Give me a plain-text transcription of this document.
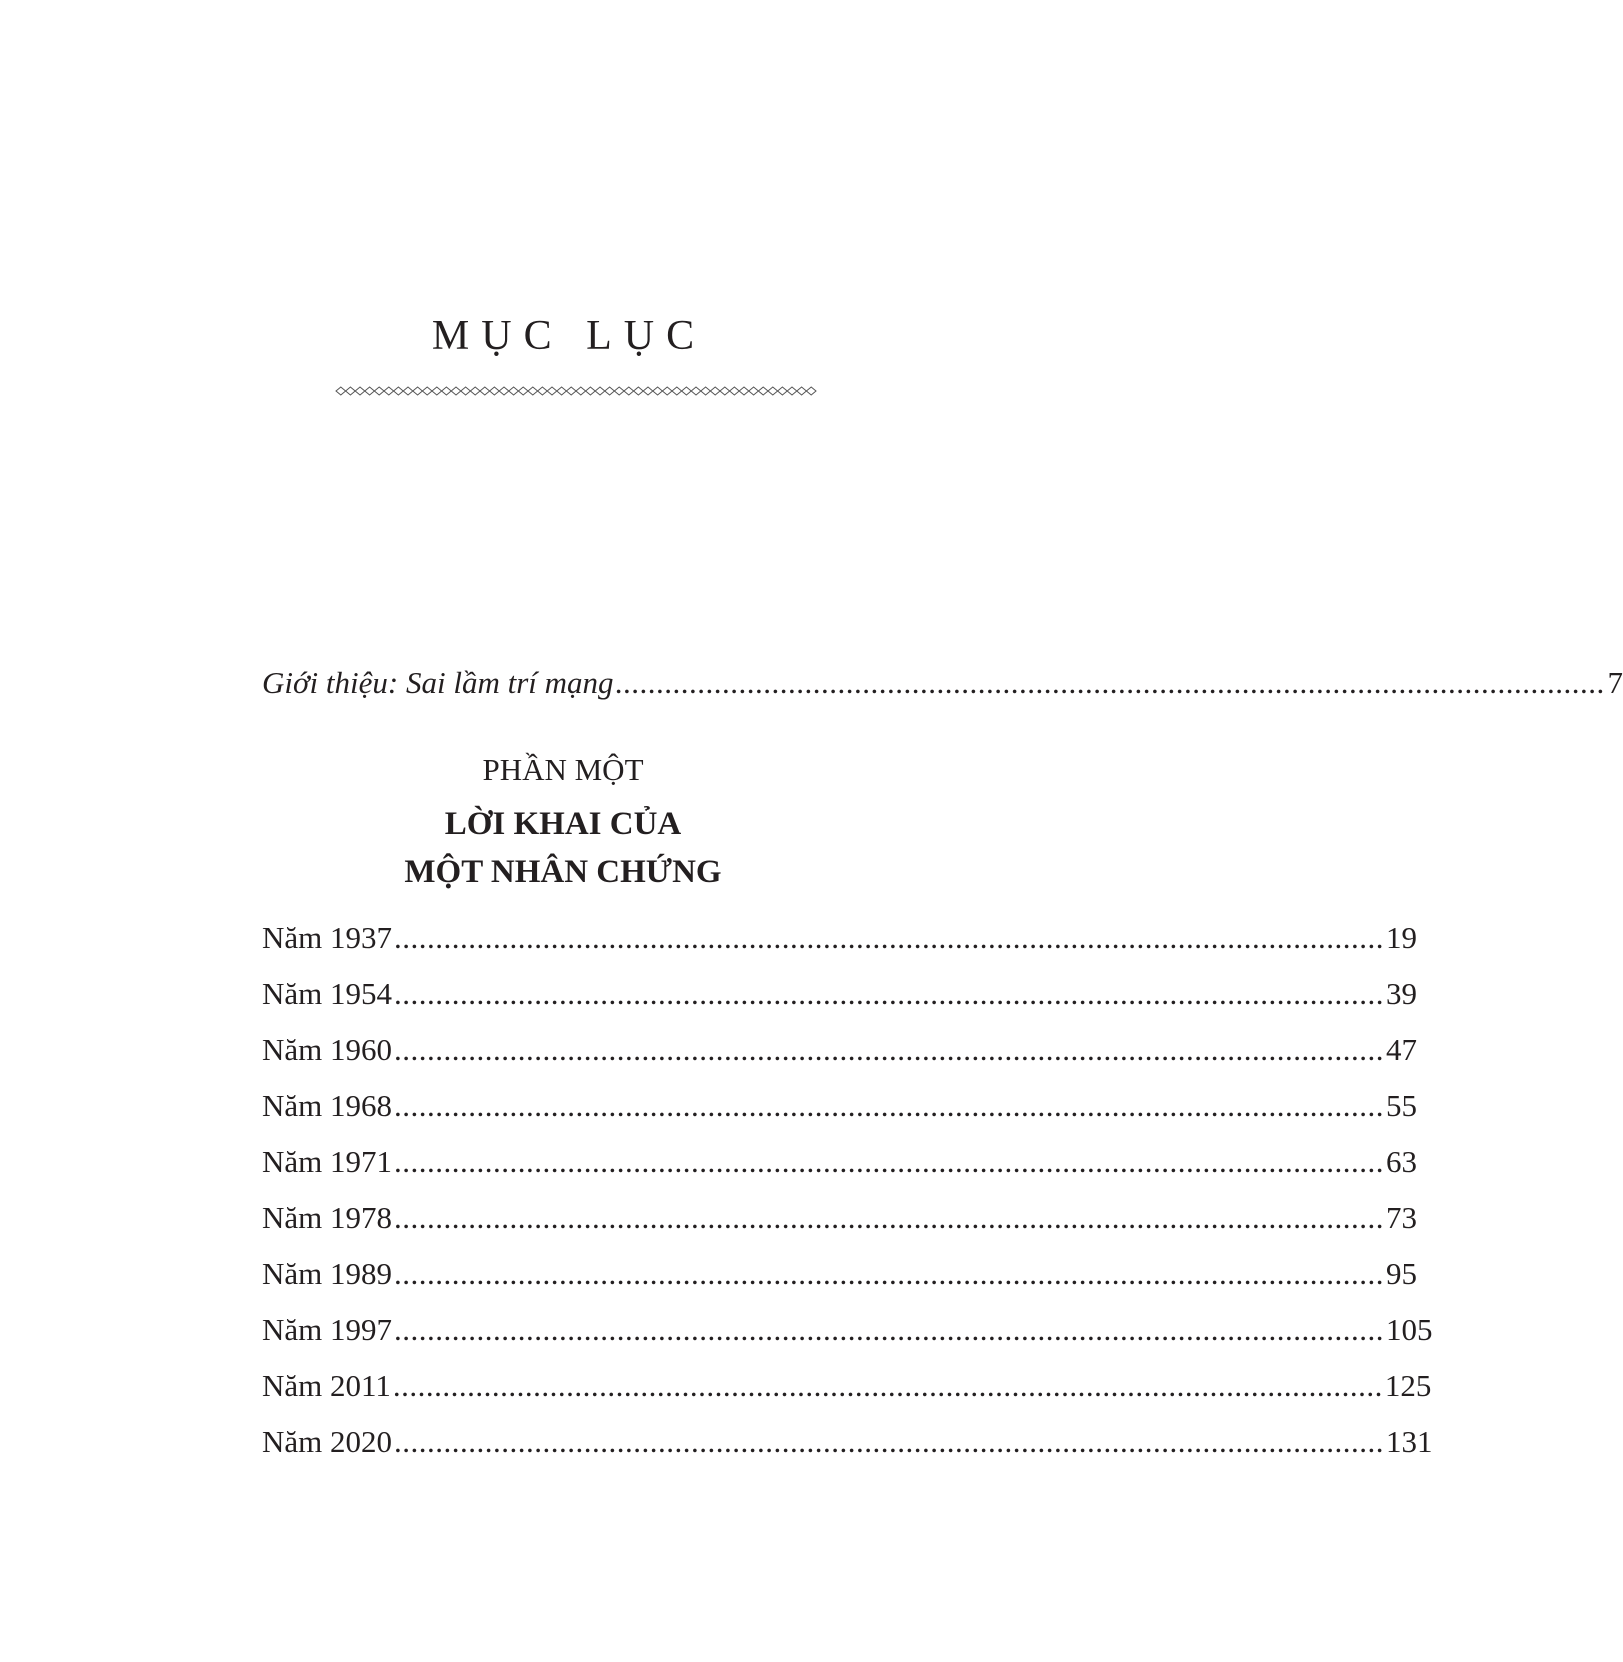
MỤC LỤC
Giới thiệu: Sai lầm trí mạng ........................................................................................................................ 7
PHẦN MỘT
LỜI KHAI CỦA
MỘT NHÂN CHỨNG
Năm 1937 ........................................................................................................................ 19
Năm 1954 ........................................................................................................................ 39
Năm 1960 ........................................................................................................................ 47
Năm 1968 ........................................................................................................................ 55
Năm 1971 ........................................................................................................................ 63
Năm 1978 ........................................................................................................................ 73
Năm 1989 ........................................................................................................................ 95
Năm 1997 ........................................................................................................................ 105
Năm 2011 ........................................................................................................................ 125
Năm 2020 ........................................................................................................................ 131
